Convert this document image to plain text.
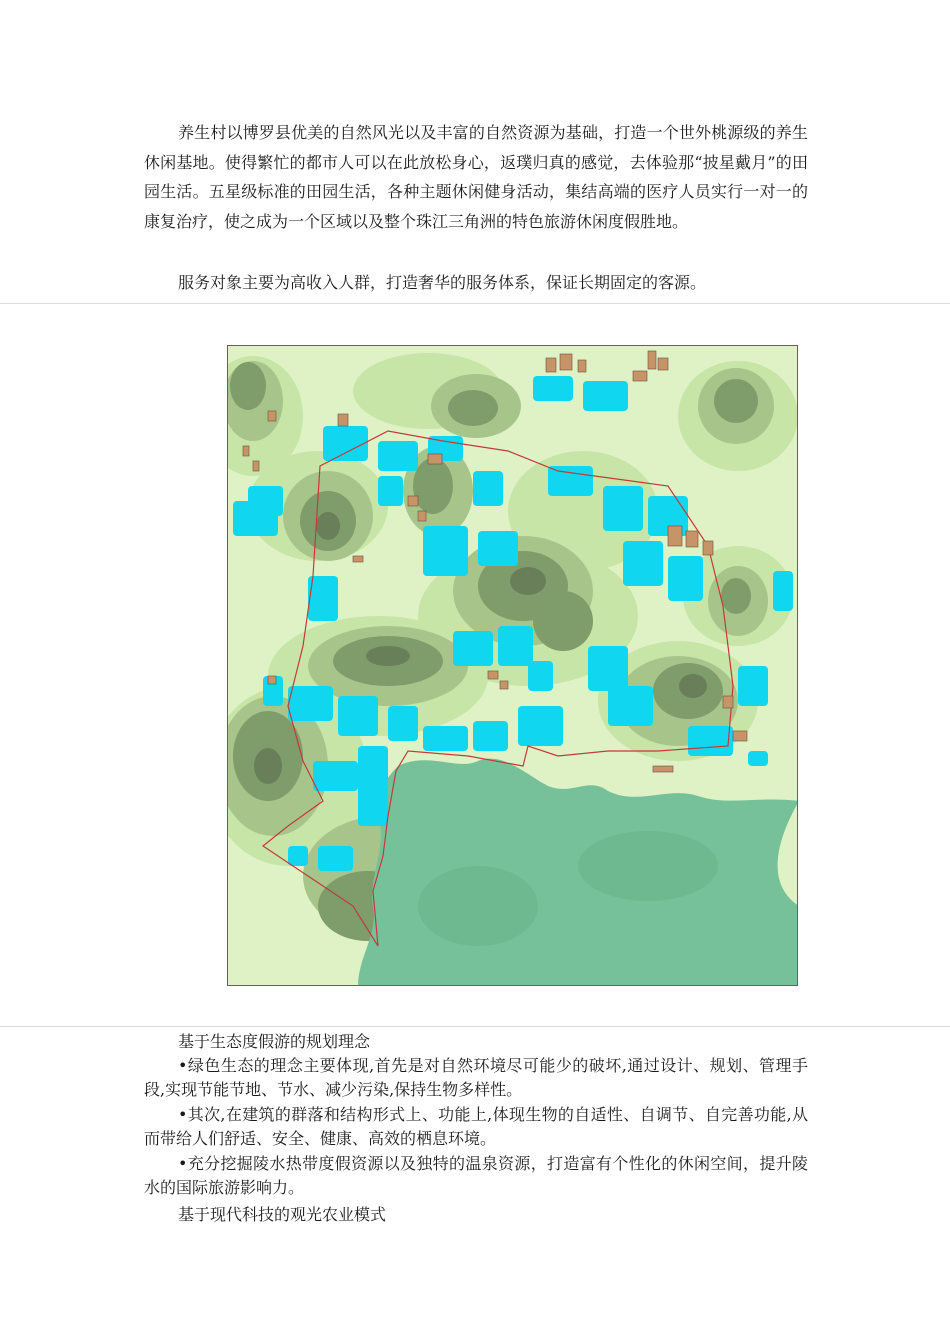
养生村以博罗县优美的自然风光以及丰富的自然资源为基础，打造一个世外桃源级的养生休闲基地。使得繁忙的都市人可以在此放松身心，返璞归真的感觉，去体验那“披星戴月”的田园生活。五星级标准的田园生活，各种主题休闲健身活动，集结高端的医疗人员实行一对一的康复治疗，使之成为一个区域以及整个珠江三角洲的特色旅游休闲度假胜地。

服务对象主要为高收入人群，打造奢华的服务体系，保证长期固定的客源。

基于生态度假游的规划理念

•绿色生态的理念主要体现,首先是对自然环境尽可能少的破坏,通过设计、规划、管理手段,实现节能节地、节水、减少污染,保持生物多样性。

•其次,在建筑的群落和结构形式上、功能上,体现生物的自适性、自调节、自完善功能,从而带给人们舒适、安全、健康、高效的栖息环境。

•充分挖掘陵水热带度假资源以及独特的温泉资源，打造富有个性化的休闲空间，提升陵水的国际旅游影响力。

基于现代科技的观光农业模式
